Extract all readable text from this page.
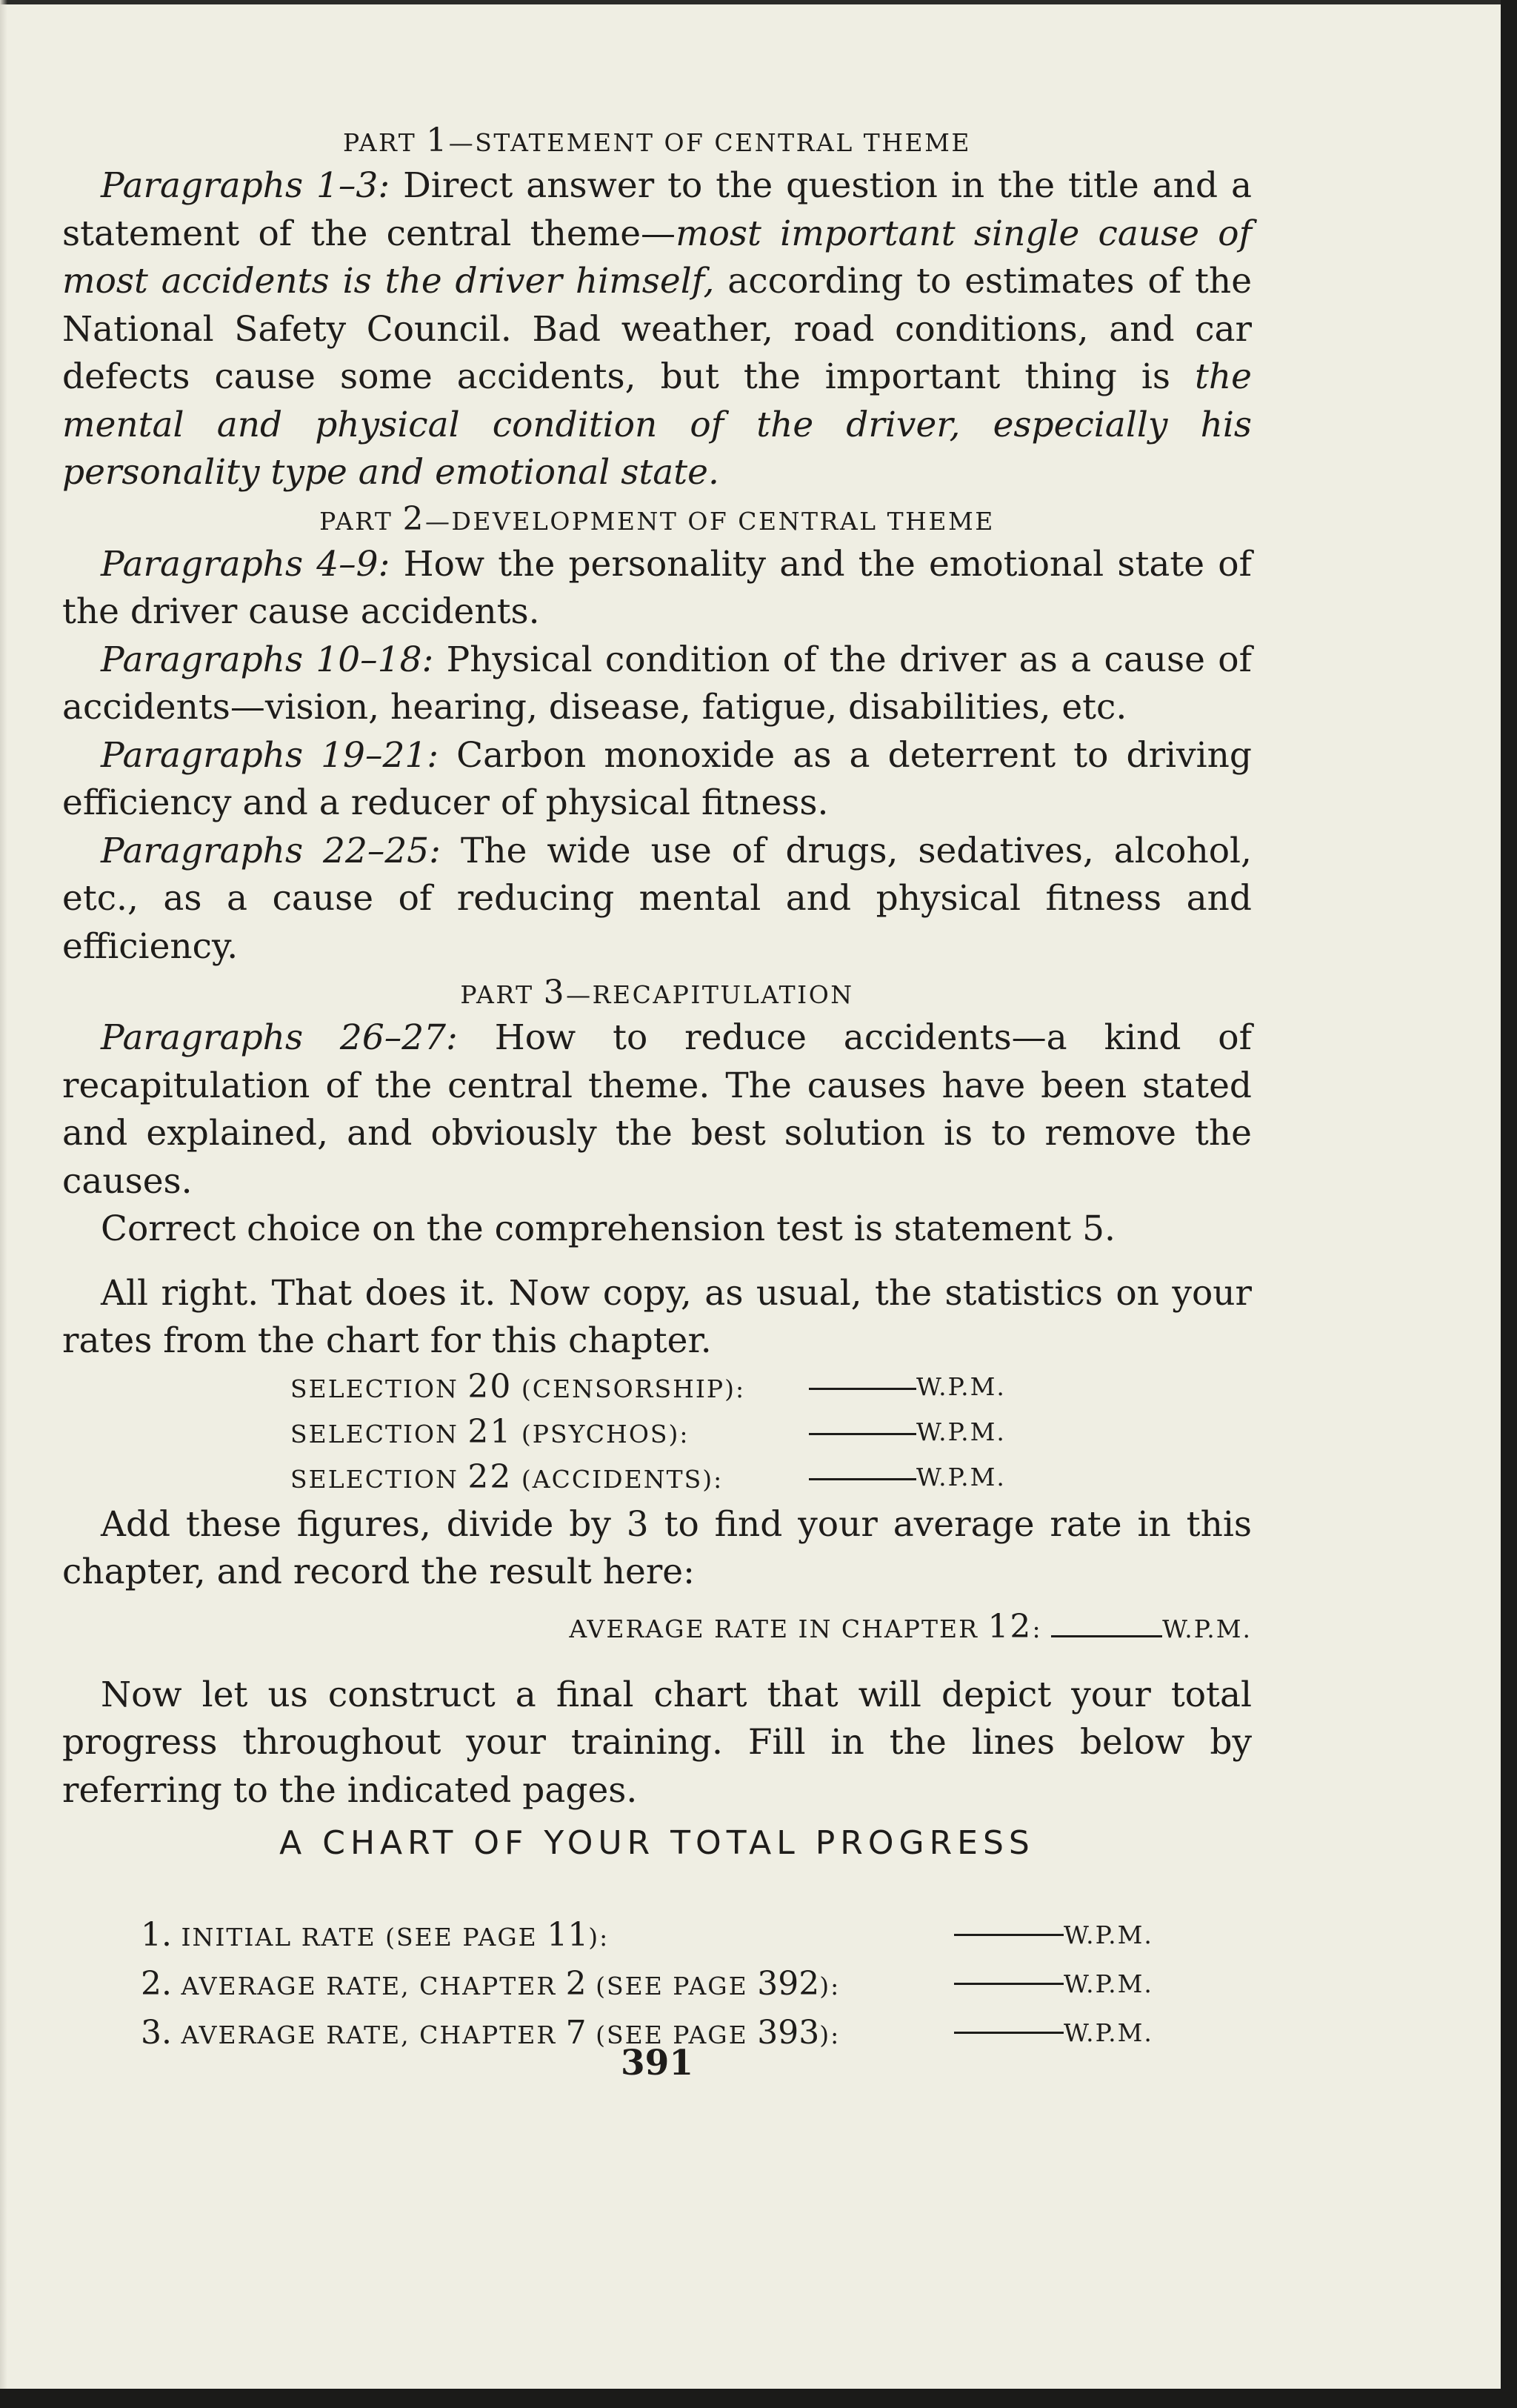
PART 1—STATEMENT OF CENTRAL THEME

Paragraphs 1–3: Direct answer to the question in the title and a statement of the central theme—most important single cause of most accidents is the driver himself, according to estimates of the National Safety Council. Bad weather, road conditions, and car defects cause some accidents, but the important thing is the mental and physical condition of the driver, especially his personality type and emotional state.

PART 2—DEVELOPMENT OF CENTRAL THEME

Paragraphs 4–9: How the personality and the emotional state of the driver cause accidents.

Paragraphs 10–18: Physical condition of the driver as a cause of accidents—vision, hearing, disease, fatigue, disabilities, etc.

Paragraphs 19–21: Carbon monoxide as a deterrent to driving efficiency and a reducer of physical fitness.

Paragraphs 22–25: The wide use of drugs, sedatives, alcohol, etc., as a cause of reducing mental and physical fitness and efficiency.

PART 3—RECAPITULATION

Paragraphs 26–27: How to reduce accidents—a kind of recapitulation of the central theme. The causes have been stated and explained, and obviously the best solution is to remove the causes.

Correct choice on the comprehension test is statement 5.

All right. That does it. Now copy, as usual, the statistics on your rates from the chart for this chapter.

SELECTION 20 (CENSORSHIP):	W.P.M.
SELECTION 21 (PSYCHOS):	W.P.M.
SELECTION 22 (ACCIDENTS):	W.P.M.

Add these figures, divide by 3 to find your average rate in this chapter, and record the result here:

AVERAGE RATE IN CHAPTER 12:	W.P.M.

Now let us construct a final chart that will depict your total progress throughout your training. Fill in the lines below by referring to the indicated pages.

A CHART OF YOUR TOTAL PROGRESS
1. INITIAL RATE (SEE PAGE 11):	W.P.M.
2. AVERAGE RATE, CHAPTER 2 (SEE PAGE 392):	W.P.M.
3. AVERAGE RATE, CHAPTER 7 (SEE PAGE 393):	W.P.M.
391
